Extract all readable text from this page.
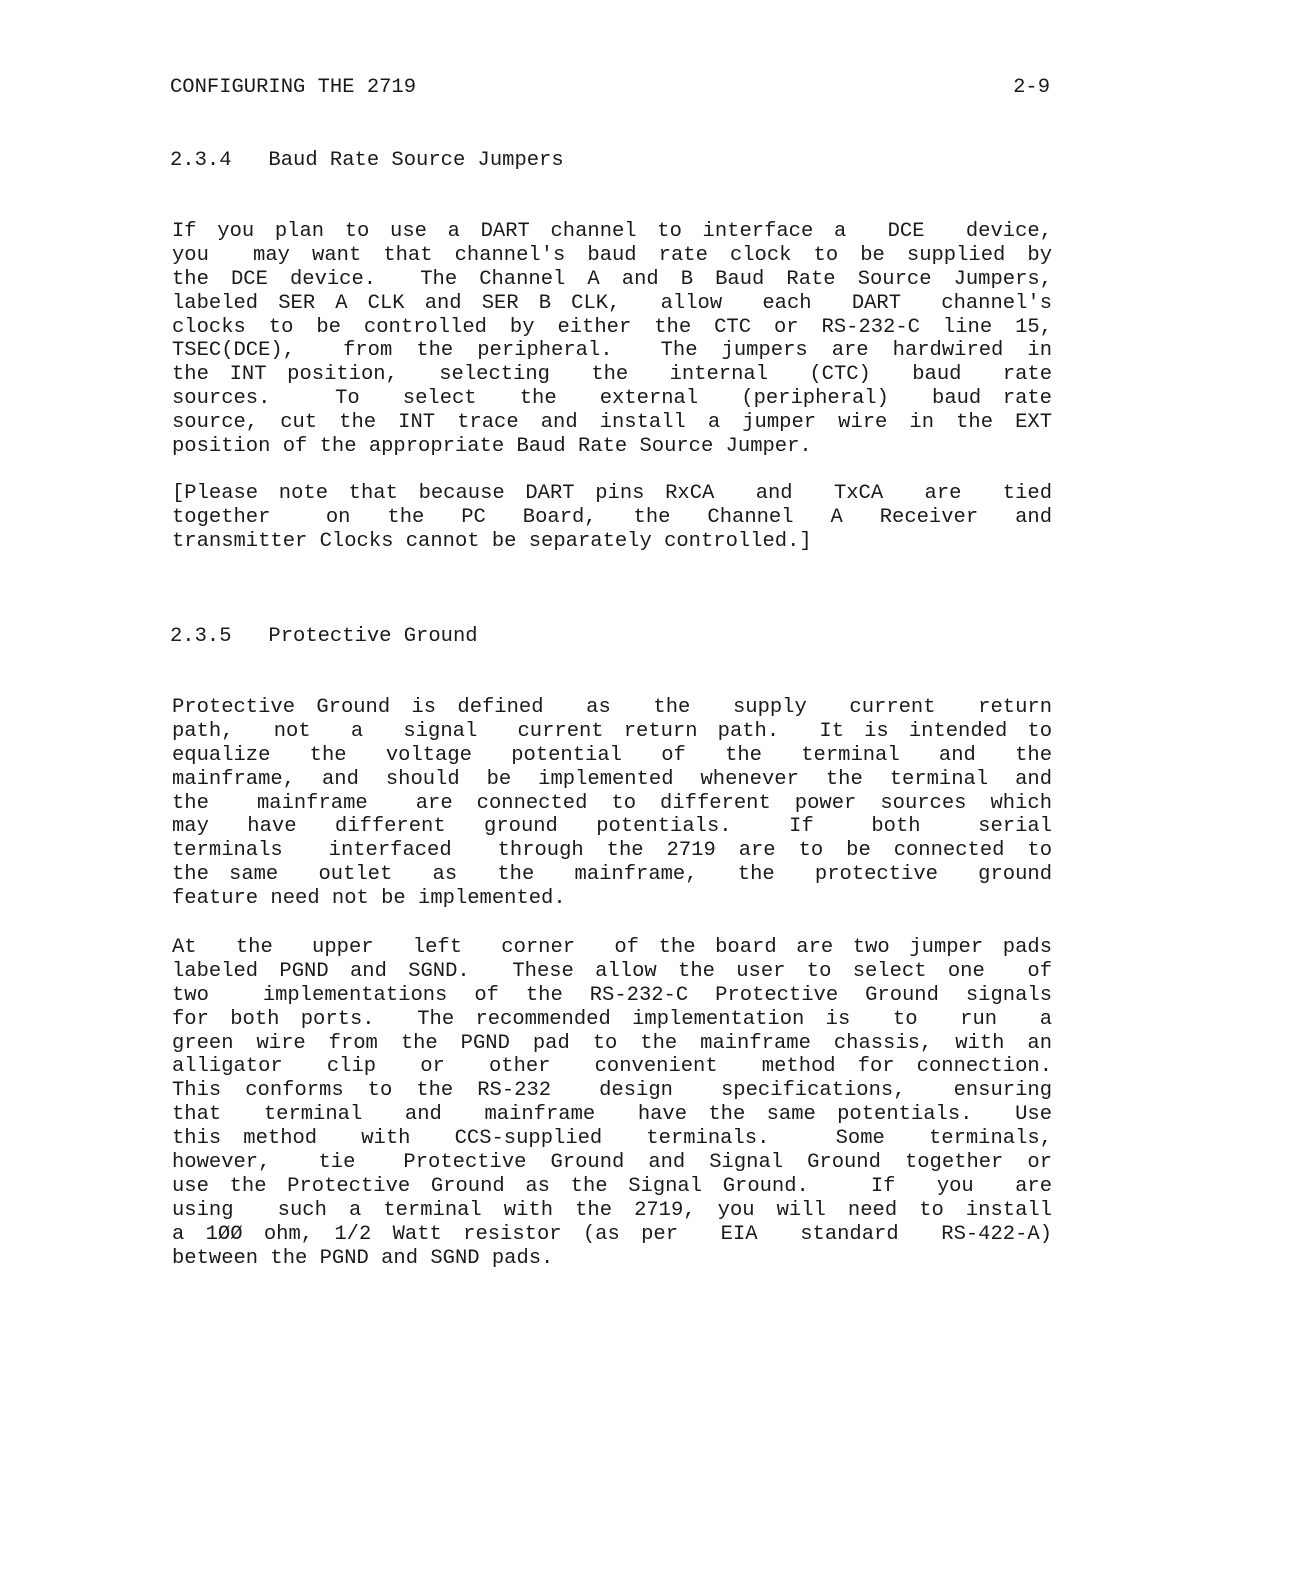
CONFIGURING THE 2719	2-9
2.3.4   Baud Rate Source Jumpers
If you plan to use a DART channel to interface a  DCE  device,
you  may want that channel's baud rate clock to be supplied by
the DCE device.  The Channel A and B Baud Rate Source Jumpers,
labeled SER A CLK and SER B CLK,  allow  each  DART  channel's
clocks to be controlled by either the CTC or RS-232-C line 15,
TSEC(DCE),  from the peripheral.  The jumpers are hardwired in
the INT position,  selecting  the  internal  (CTC)  baud  rate
sources.   To  select  the  external  (peripheral)  baud rate
source, cut the INT trace and install a jumper wire in the EXT
position of the appropriate Baud Rate Source Jumper.
[Please note that because DART pins RxCA  and  TxCA  are  tied
together   on  the  PC  Board,  the  Channel  A  Receiver  and
transmitter Clocks cannot be separately controlled.]
2.3.5   Protective Ground
Protective Ground is defined  as  the  supply  current  return
path,  not  a  signal  current return path.  It is intended to
equalize  the  voltage  potential  of  the  terminal  and  the
mainframe, and should be implemented whenever the terminal and
the  mainframe  are connected to different power sources which
may  have  different  ground  potentials.   If   both   serial
terminals  interfaced  through the 2719 are to be connected to
the same  outlet  as  the  mainframe,  the  protective  ground
feature need not be implemented.
At  the  upper  left  corner  of the board are two jumper pads
labeled PGND and SGND.  These allow the user to select one  of
two  implementations of the RS-232-C Protective Ground signals
for both ports.  The recommended implementation is  to  run  a
green wire from the PGND pad to the mainframe chassis, with an
alligator  clip  or  other  convenient  method for connection.
This conforms to the RS-232  design  specifications,  ensuring
that  terminal  and  mainframe  have the same potentials.  Use
this method  with  CCS-supplied  terminals.   Some  terminals,
however,  tie  Protective Ground and Signal Ground together or
use the Protective Ground as the Signal Ground.   If  you  are
using  such a terminal with the 2719, you will need to install
a 1ØØ ohm, 1/2 Watt resistor (as per  EIA  standard  RS-422-A)
between the PGND and SGND pads.
